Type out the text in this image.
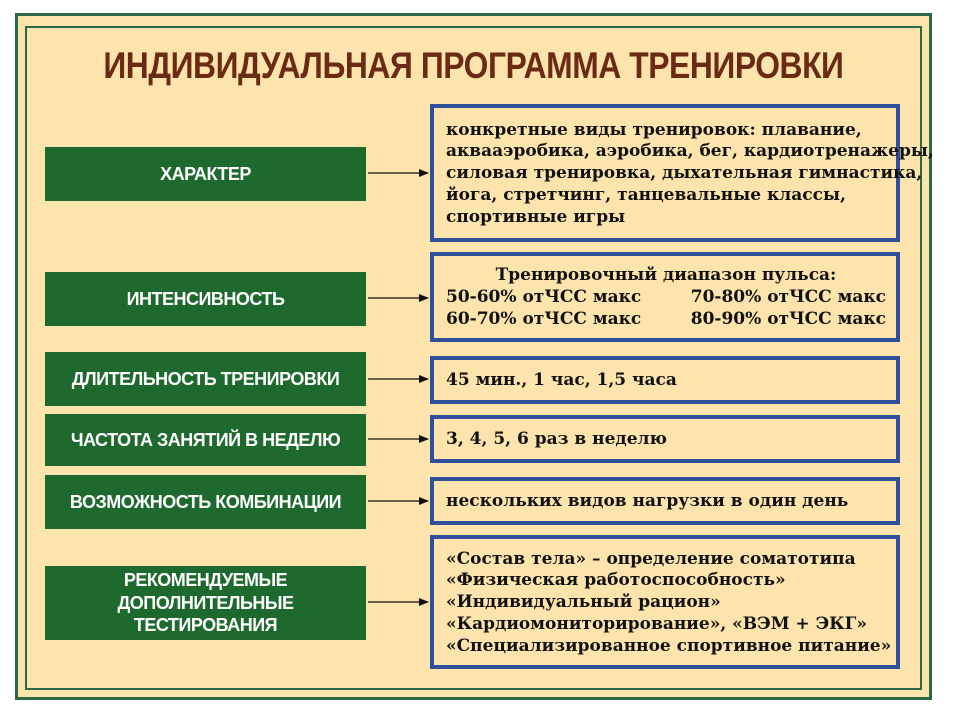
ИНДИВИДУАЛЬНАЯ ПРОГРАММА ТРЕНИРОВКИ
ХАРАКТЕР
конкретные виды тренировок: плавание,
аквааэробика, аэробика, бег, кардиотренажеры,
силовая тренировка, дыхательная гимнастика,
йога, стретчинг, танцевальные классы,
спортивные игры
ИНТЕНСИВНОСТЬ
Тренировочный диапазон пульса:
50-60% отЧСС макс	70-80% отЧСС макс
60-70% отЧСС макс	80-90% отЧСС макс
ДЛИТЕЛЬНОСТЬ ТРЕНИРОВКИ	45 мин., 1 час, 1,5 часа
ЧАСТОТА ЗАНЯТИЙ В НЕДЕЛЮ	3, 4, 5, 6 раз в неделю
ВОЗМОЖНОСТЬ КОМБИНАЦИИ	нескольких видов нагрузки в один день
РЕКОМЕНДУЕМЫЕ
ДОПОЛНИТЕЛЬНЫЕ ТЕСТИРОВАНИЯ
«Состав тела» – определение соматотипа
«Физическая работоспособность»
«Индивидуальный рацион»
«Кардиомониторирование», «ВЭМ + ЭКГ»
«Специализированное спортивное питание»
